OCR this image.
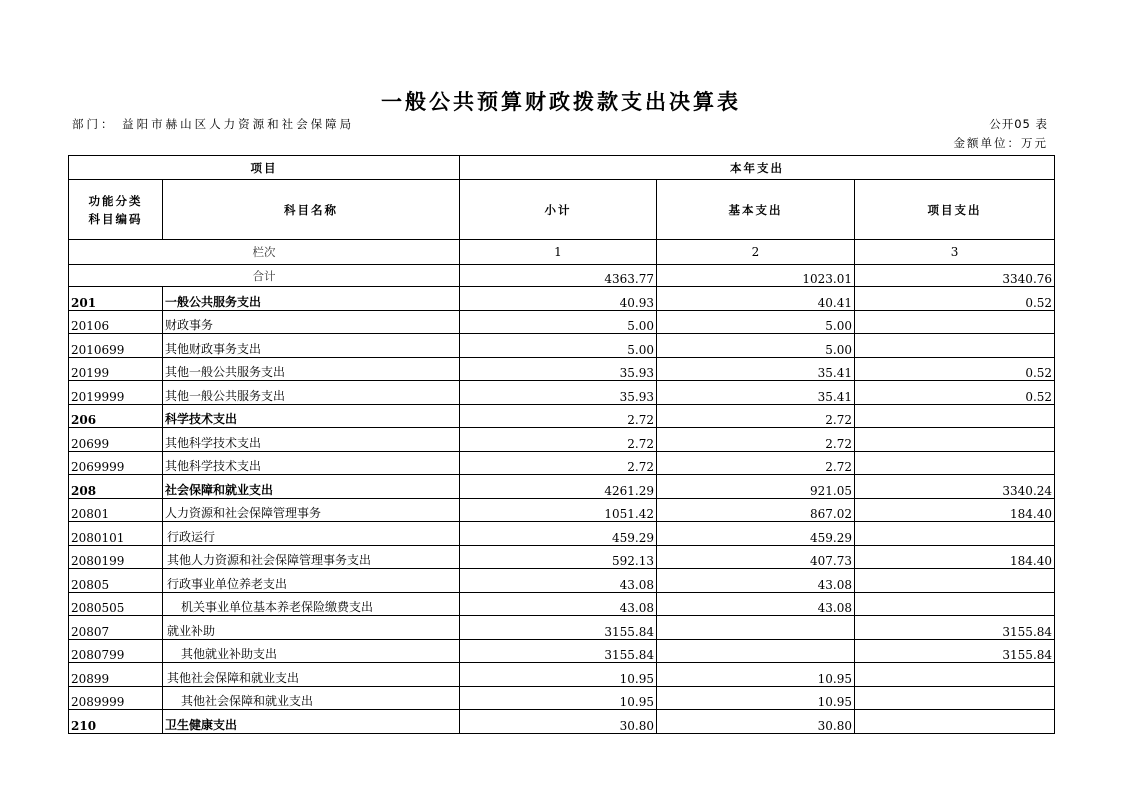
一般公共预算财政拨款支出决算表
部门： 益阳市赫山区人力资源和社会保障局	公开05 表
金额单位：万元
项目		本年支出		
功能分类科目编码	科目名称	小计	基本支出	项目支出
栏次		1	2	3
合计		4363.77	1023.01	3340.76
201	一般公共服务支出	40.93	40.41	0.52
20106	财政事务	5.00	5.00	
2010699	其他财政事务支出	5.00	5.00	
20199	其他一般公共服务支出	35.93	35.41	0.52
2019999	其他一般公共服务支出	35.93	35.41	0.52
206	科学技术支出	2.72	2.72	
20699	其他科学技术支出	2.72	2.72	
2069999	其他科学技术支出	2.72	2.72	
208	社会保障和就业支出	4261.29	921.05	3340.24
20801	人力资源和社会保障管理事务	1051.42	867.02	184.40
2080101	行政运行	459.29	459.29	
2080199	其他人力资源和社会保障管理事务支出	592.13	407.73	184.40
20805	行政事业单位养老支出	43.08	43.08	
2080505	机关事业单位基本养老保险缴费支出	43.08	43.08	
20807	就业补助	3155.84		3155.84
2080799	其他就业补助支出	3155.84		3155.84
20899	其他社会保障和就业支出	10.95	10.95	
2089999	其他社会保障和就业支出	10.95	10.95	
210	卫生健康支出	30.80	30.80	
